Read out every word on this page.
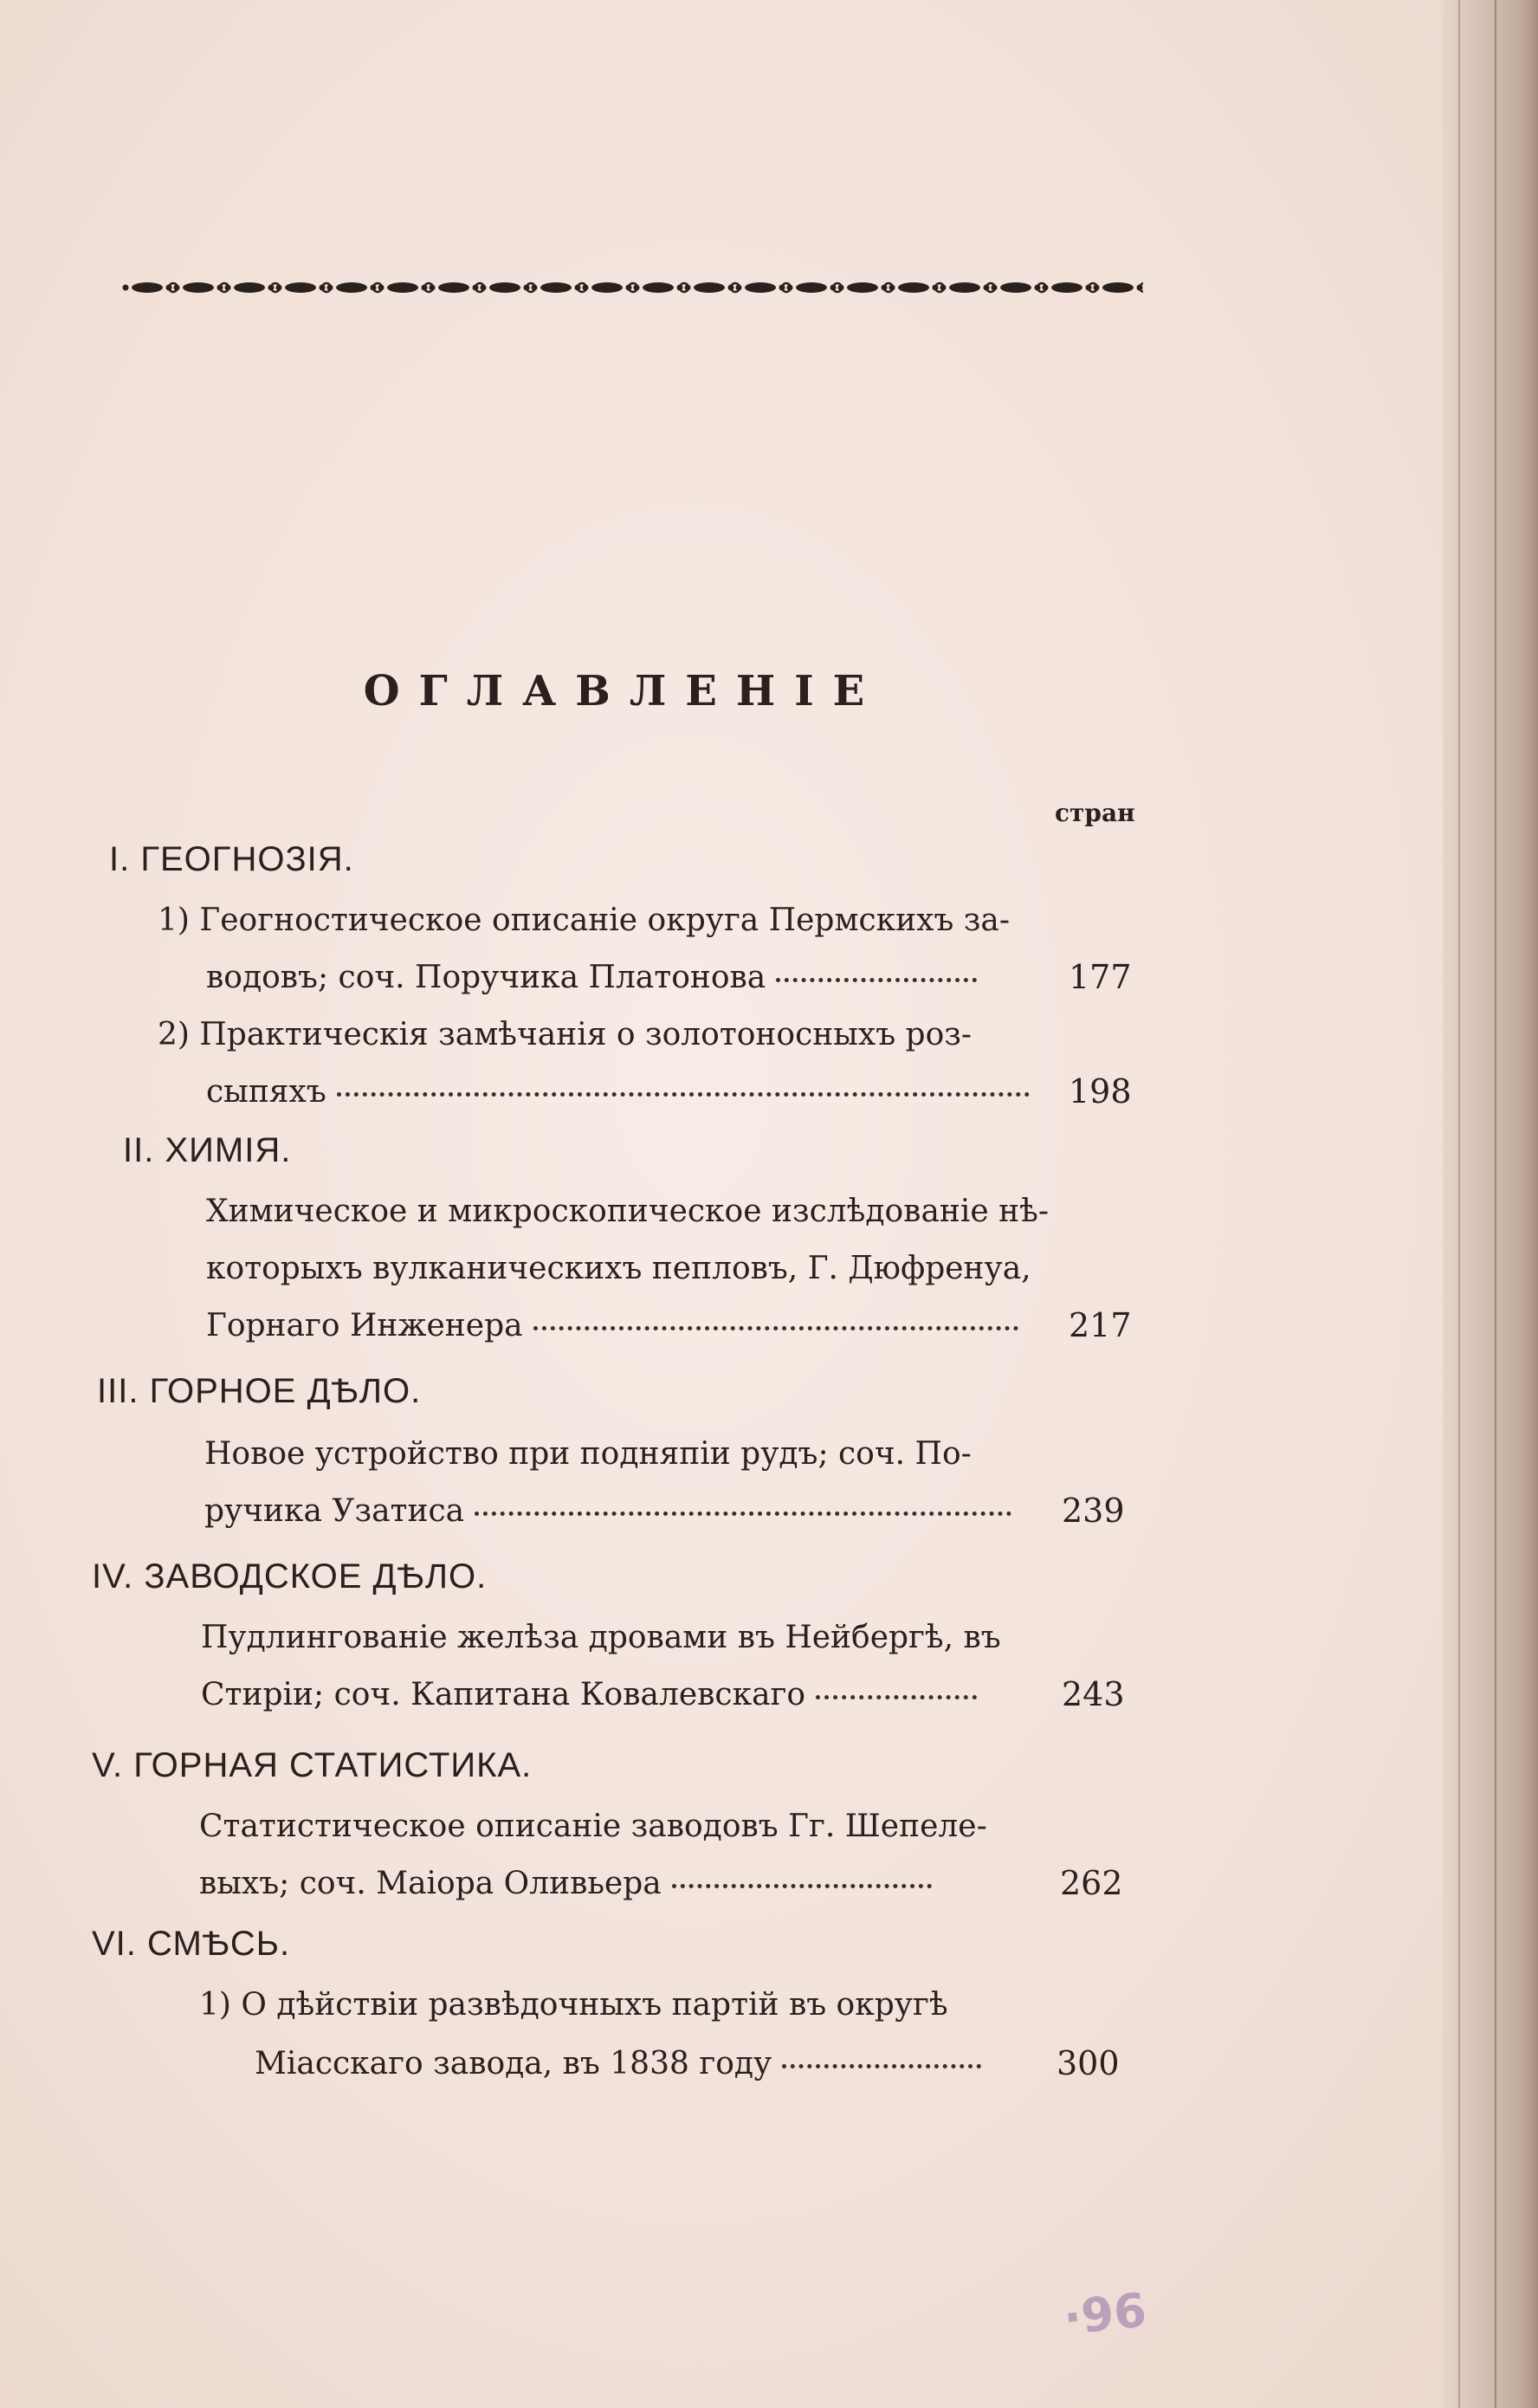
ОГЛАВЛЕНІЕ
стран
I. ГЕОГНОЗІЯ.
1) Геогностическое описаніе округа Пермскихъ за-
водовъ; соч. Поручика Платонова	177
2) Практическія замѣчанія о золотоносныхъ роз-
сыпяхъ	198
II. ХИМІЯ.
Химическое и микроскопическое изслѣдованіе нѣ-
которыхъ вулканическихъ пепловъ, Г. Дюфренуа,
Горнаго Инженера	217
III. ГОРНОЕ ДѢЛО.
Новое устройство при подняпіи рудъ; соч. По-
ручика Узатиса	239
IV. ЗАВОДСКОЕ ДѢЛО.
Пудлингованіе желѣза дровами въ Нейбергѣ, въ
Стиріи; соч. Капитана Ковалевскаго	243
V. ГОРНАЯ СТАТИСТИКА.
Статистическое описаніе заводовъ Гг. Шепеле-
выхъ; соч. Маіора Оливьера	262
VI. СМѢСЬ.
1) О дѣйствіи развѣдочныхъ партій въ округѣ
Міасскаго завода, въ 1838 году	300
·96
